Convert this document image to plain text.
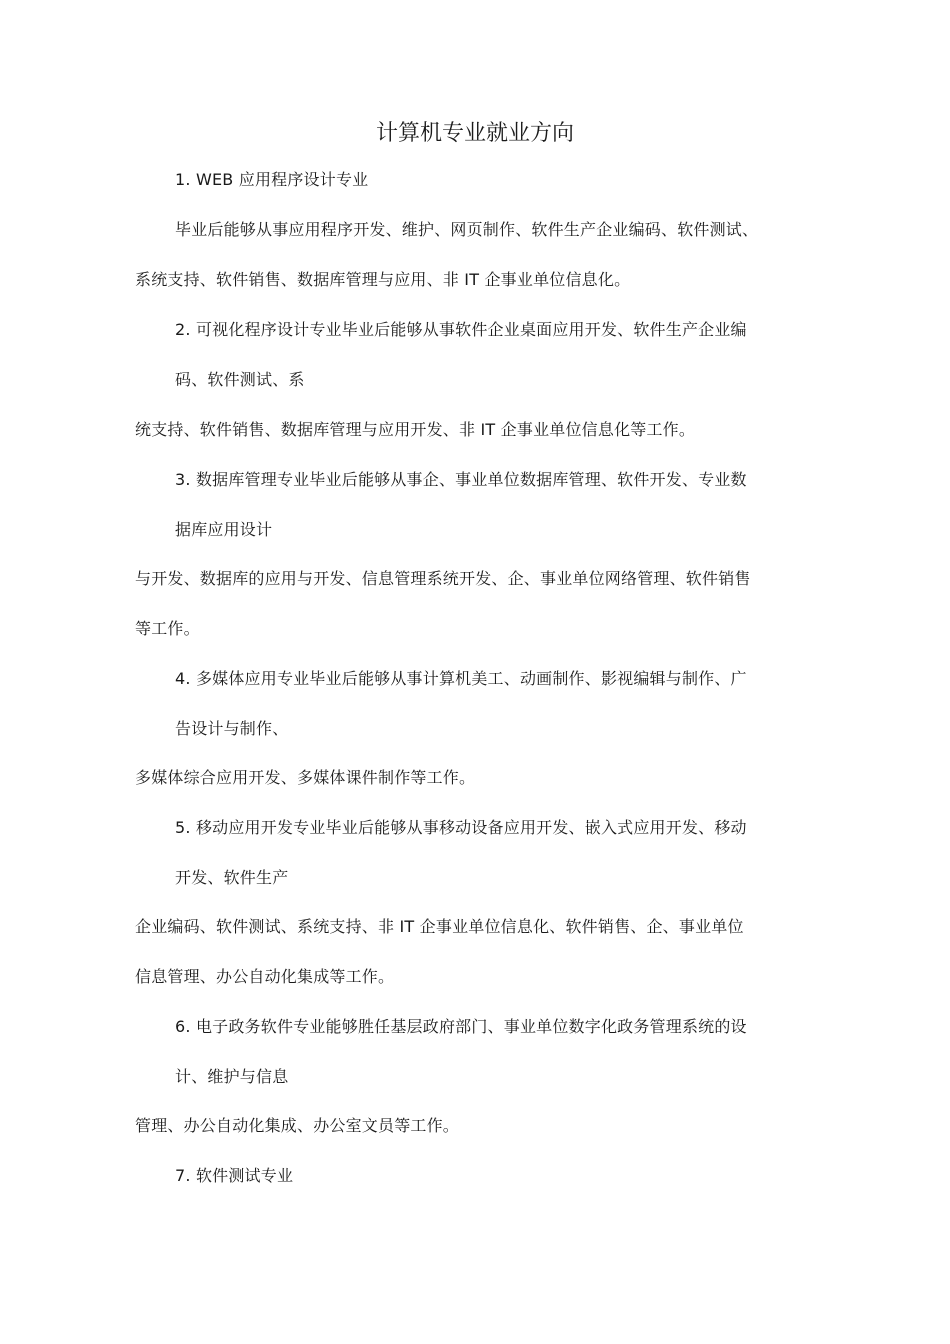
计算机专业就业方向
1. WEB 应用程序设计专业
毕业后能够从事应用程序开发、维护、网页制作、软件生产企业编码、软件测试、
系统支持、软件销售、数据库管理与应用、非 IT 企事业单位信息化。
2. 可视化程序设计专业毕业后能够从事软件企业桌面应用开发、软件生产企业编
码、软件测试、系
统支持、软件销售、数据库管理与应用开发、非 IT 企事业单位信息化等工作。
3. 数据库管理专业毕业后能够从事企、事业单位数据库管理、软件开发、专业数
据库应用设计
与开发、数据库的应用与开发、信息管理系统开发、企、事业单位网络管理、软件销售
等工作。
4. 多媒体应用专业毕业后能够从事计算机美工、动画制作、影视编辑与制作、广
告设计与制作、
多媒体综合应用开发、多媒体课件制作等工作。
5. 移动应用开发专业毕业后能够从事移动设备应用开发、嵌入式应用开发、移动
开发、软件生产
企业编码、软件测试、系统支持、非 IT 企事业单位信息化、软件销售、企、事业单位
信息管理、办公自动化集成等工作。
6. 电子政务软件专业能够胜任基层政府部门、事业单位数字化政务管理系统的设
计、维护与信息
管理、办公自动化集成、办公室文员等工作。
7. 软件测试专业
